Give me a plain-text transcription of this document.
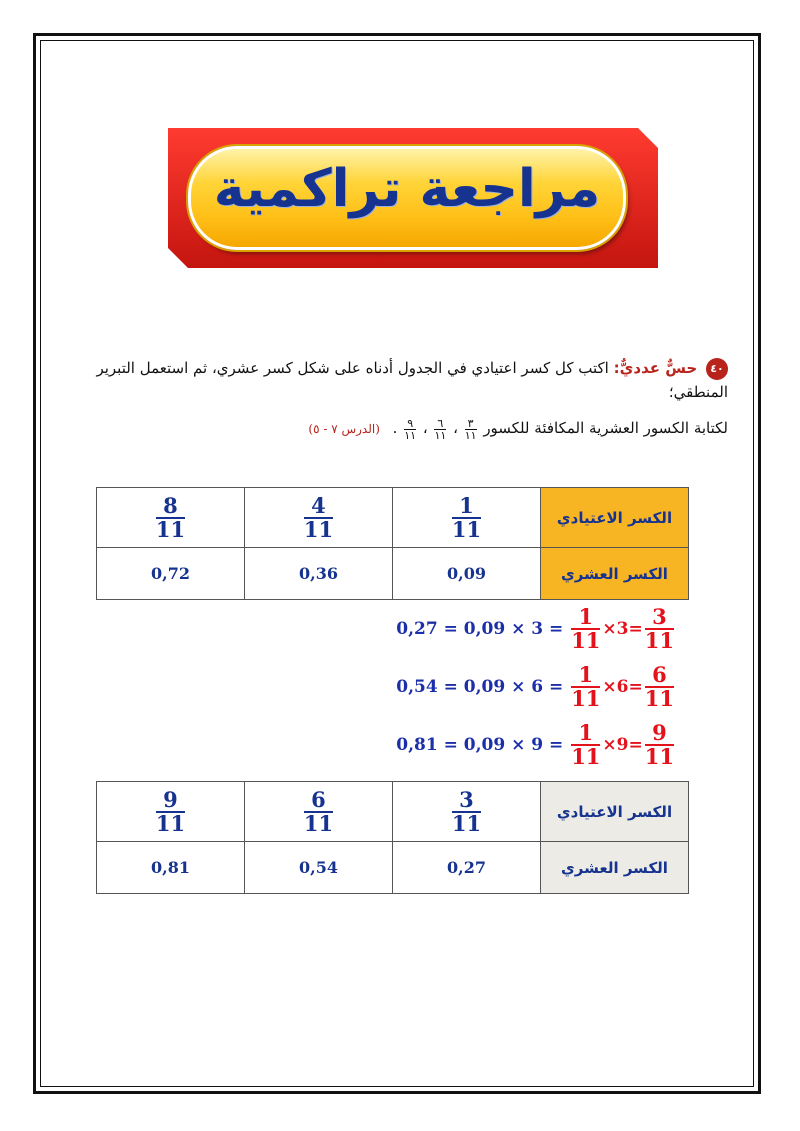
مراجعة تراكمية
٤٠ حسٌّ عدديٌّ: اكتب كل كسر اعتيادي في الجدول أدناه على شكل كسر عشري، ثم استعمل التبرير المنطقي؛
لكتابة الكسور العشرية المكافئة للكسور
٣
١١
،
٦
١١
،
٩
١١
. (الدرس ٧ - ٥)
الكسر الاعتيادي	$\frac{1}{11}$	$\frac{4}{11}$	$\frac{8}{11}$

الكسر العشري	0,09	0,36	0,72
0,27
=
0,09
×
3
=
$\frac{1}{11} \times 3 = \frac{3}{11}$
0,54
=
0,09
×
6
=
$\frac{1}{11} \times 6 = \frac{6}{11}$
0,81
=
0,09
×
9
=
$\frac{1}{11} \times 9 = \frac{9}{11}$
الكسر الاعتيادي	$\frac{3}{11}$	$\frac{6}{11}$	$\frac{9}{11}$

الكسر العشري	0,27	0,54	0,81
